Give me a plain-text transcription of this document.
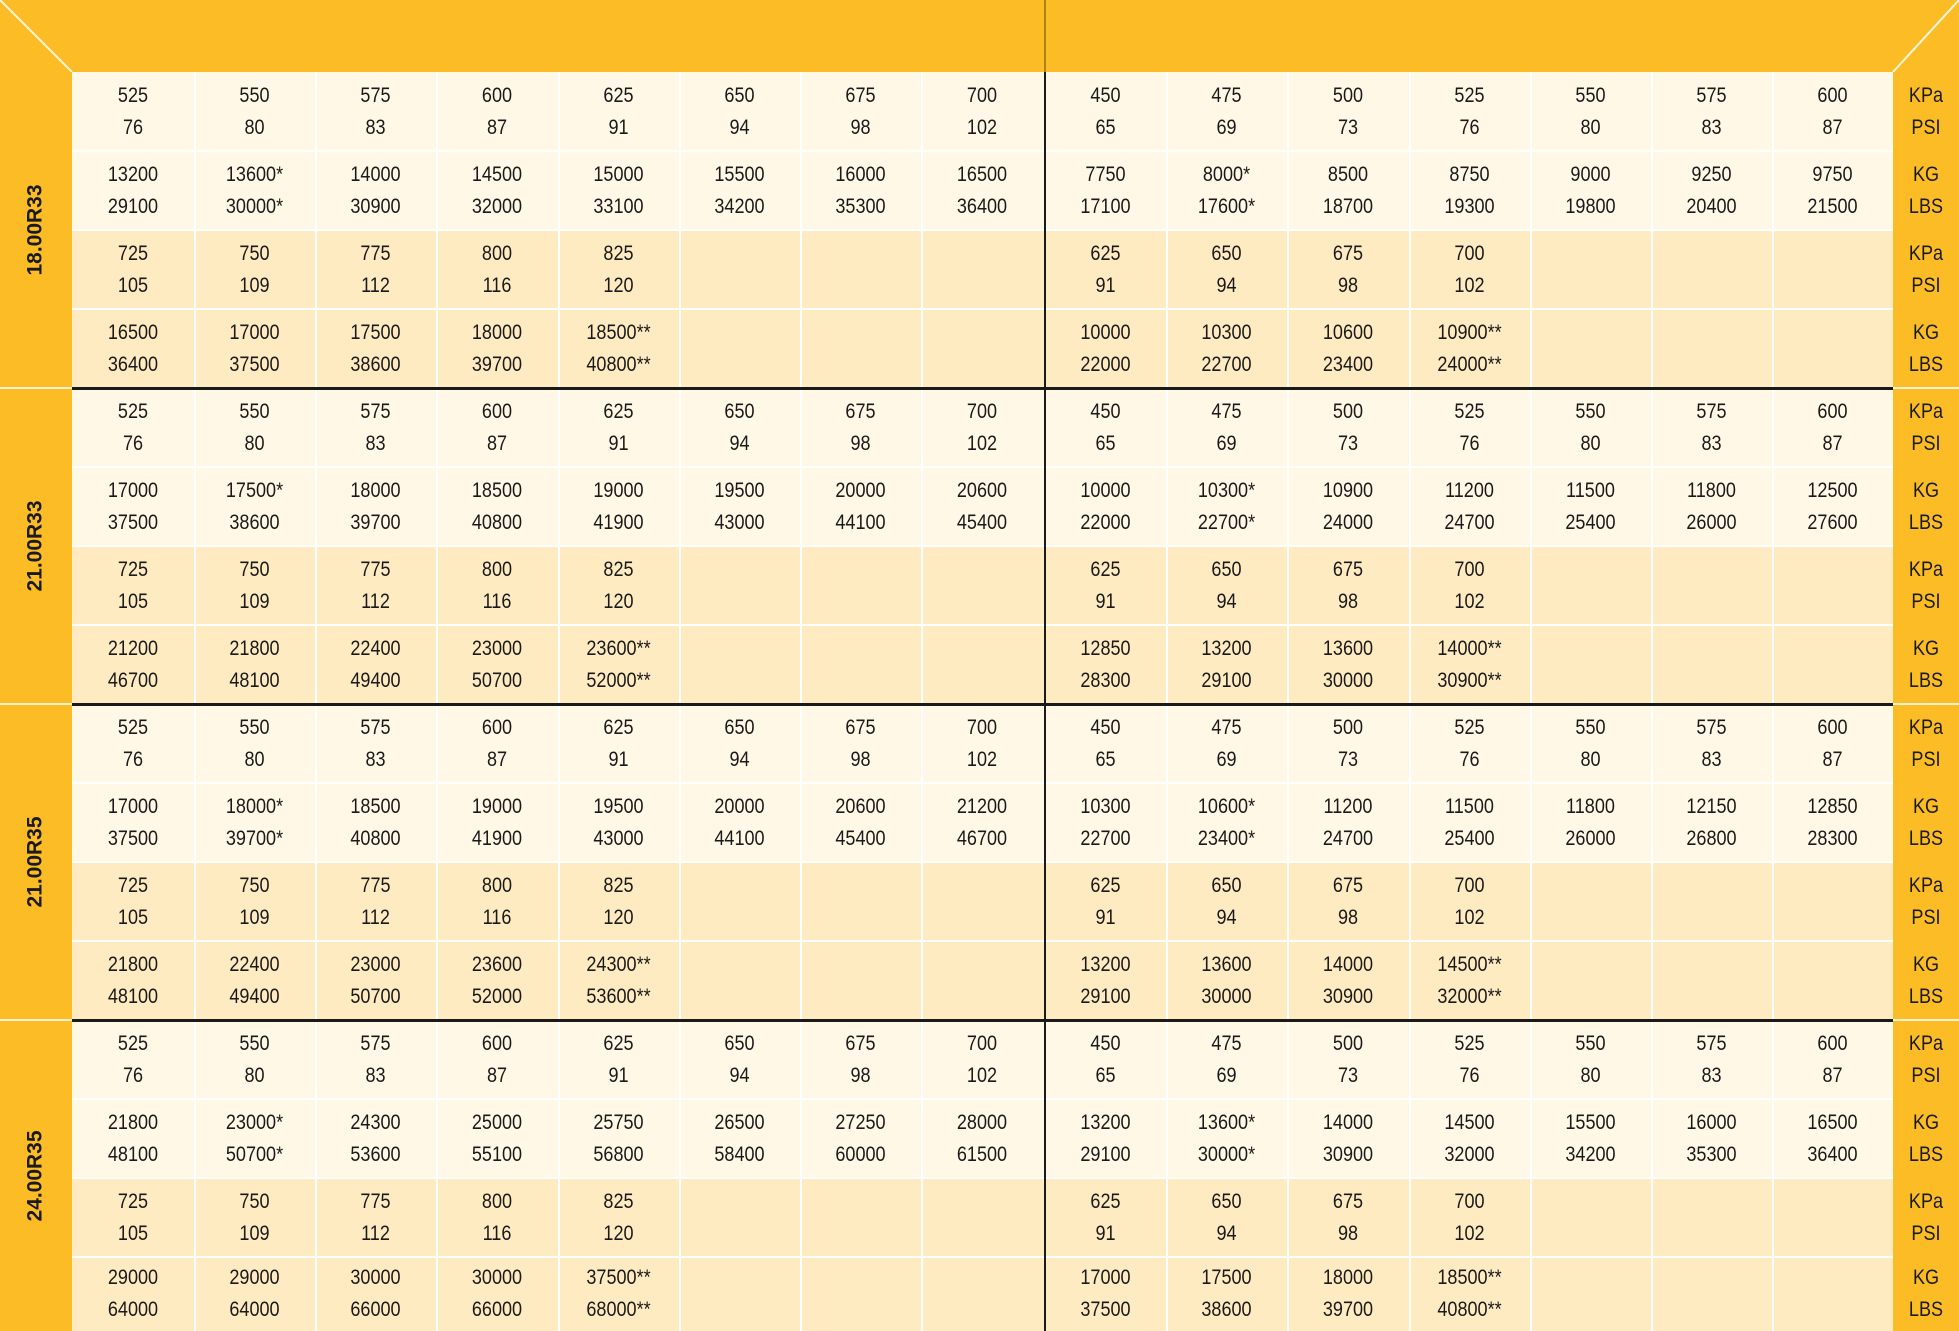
18.00R33
525
76
550
80
575
83
600
87
625
91
650
94
675
98
700
102
450
65
475
69
500
73
525
76
550
80
575
83
600
87
KPa
PSI
13200
29100
13600*
30000*
14000
30900
14500
32000
15000
33100
15500
34200
16000
35300
16500
36400
7750
17100
8000*
17600*
8500
18700
8750
19300
9000
19800
9250
20400
9750
21500
KG
LBS
725
105
750
109
775
112
800
116
825
120
625
91
650
94
675
98
700
102
KPa
PSI
16500
36400
17000
37500
17500
38600
18000
39700
18500**
40800**
10000
22000
10300
22700
10600
23400
10900**
24000**
KG
LBS
21.00R33
525
76
550
80
575
83
600
87
625
91
650
94
675
98
700
102
450
65
475
69
500
73
525
76
550
80
575
83
600
87
KPa
PSI
17000
37500
17500*
38600
18000
39700
18500
40800
19000
41900
19500
43000
20000
44100
20600
45400
10000
22000
10300*
22700*
10900
24000
11200
24700
11500
25400
11800
26000
12500
27600
KG
LBS
725
105
750
109
775
112
800
116
825
120
625
91
650
94
675
98
700
102
KPa
PSI
21200
46700
21800
48100
22400
49400
23000
50700
23600**
52000**
12850
28300
13200
29100
13600
30000
14000**
30900**
KG
LBS
21.00R35
525
76
550
80
575
83
600
87
625
91
650
94
675
98
700
102
450
65
475
69
500
73
525
76
550
80
575
83
600
87
KPa
PSI
17000
37500
18000*
39700*
18500
40800
19000
41900
19500
43000
20000
44100
20600
45400
21200
46700
10300
22700
10600*
23400*
11200
24700
11500
25400
11800
26000
12150
26800
12850
28300
KG
LBS
725
105
750
109
775
112
800
116
825
120
625
91
650
94
675
98
700
102
KPa
PSI
21800
48100
22400
49400
23000
50700
23600
52000
24300**
53600**
13200
29100
13600
30000
14000
30900
14500**
32000**
KG
LBS
24.00R35
525
76
550
80
575
83
600
87
625
91
650
94
675
98
700
102
450
65
475
69
500
73
525
76
550
80
575
83
600
87
KPa
PSI
21800
48100
23000*
50700*
24300
53600
25000
55100
25750
56800
26500
58400
27250
60000
28000
61500
13200
29100
13600*
30000*
14000
30900
14500
32000
15500
34200
16000
35300
16500
36400
KG
LBS
725
105
750
109
775
112
800
116
825
120
625
91
650
94
675
98
700
102
KPa
PSI
29000
64000
29000
64000
30000
66000
30000
66000
37500**
68000**
17000
37500
17500
38600
18000
39700
18500**
40800**
KG
LBS
